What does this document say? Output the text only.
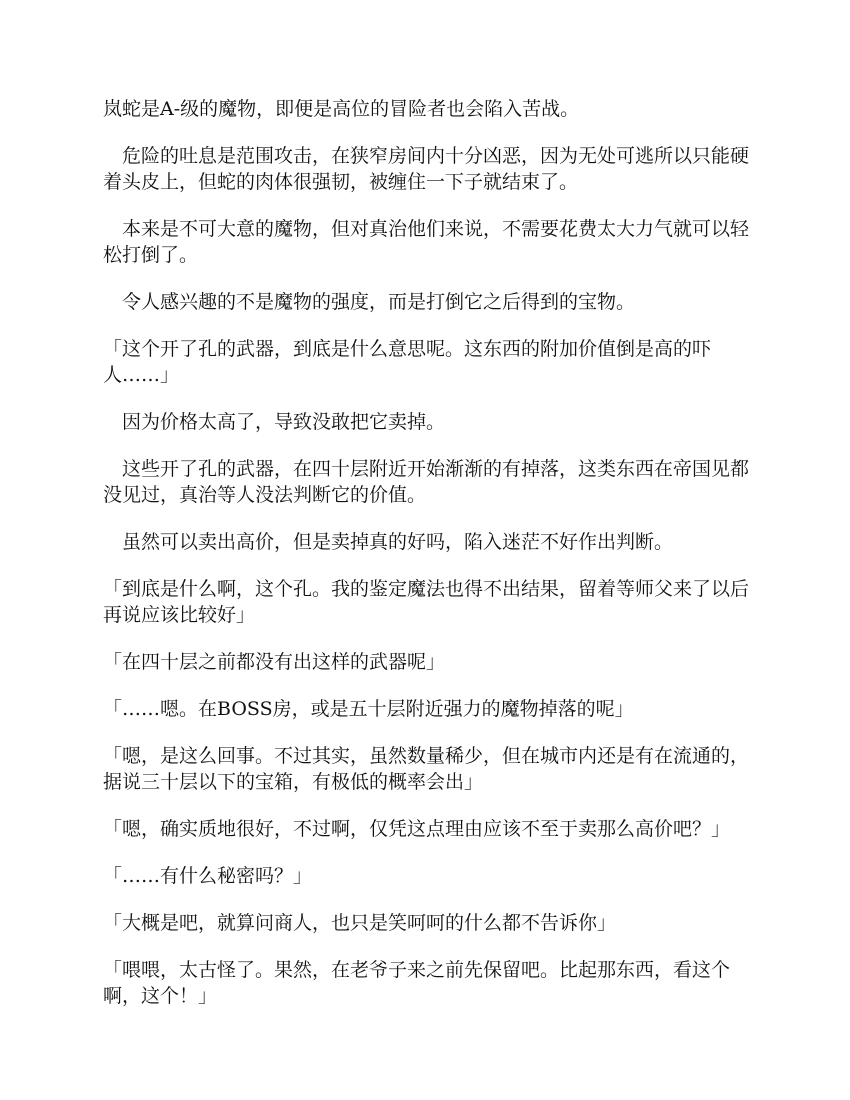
岚蛇是A-级的魔物，即便是高位的冒险者也会陷入苦战。

危险的吐息是范围攻击，在狭窄房间内十分凶恶，因为无处可逃所以只能硬着头皮上，但蛇的肉体很强韧，被缠住一下子就结束了。

本来是不可大意的魔物，但对真治他们来说，不需要花费太大力气就可以轻松打倒了。

令人感兴趣的不是魔物的强度，而是打倒它之后得到的宝物。

「这个开了孔的武器，到底是什么意思呢。这东西的附加价值倒是高的吓人……」

因为价格太高了，导致没敢把它卖掉。

这些开了孔的武器，在四十层附近开始渐渐的有掉落，这类东西在帝国见都没见过，真治等人没法判断它的价值。

虽然可以卖出高价，但是卖掉真的好吗，陷入迷茫不好作出判断。

「到底是什么啊，这个孔。我的鉴定魔法也得不出结果，留着等师父来了以后再说应该比较好」

「在四十层之前都没有出这样的武器呢」

「……嗯。在BOSS房，或是五十层附近强力的魔物掉落的呢」

「嗯，是这么回事。不过其实，虽然数量稀少，但在城市内还是有在流通的，据说三十层以下的宝箱，有极低的概率会出」

「嗯，确实质地很好，不过啊，仅凭这点理由应该不至于卖那么高价吧？」

「……有什么秘密吗？」

「大概是吧，就算问商人，也只是笑呵呵的什么都不告诉你」

「喂喂，太古怪了。果然，在老爷子来之前先保留吧。比起那东西，看这个啊，这个！」
